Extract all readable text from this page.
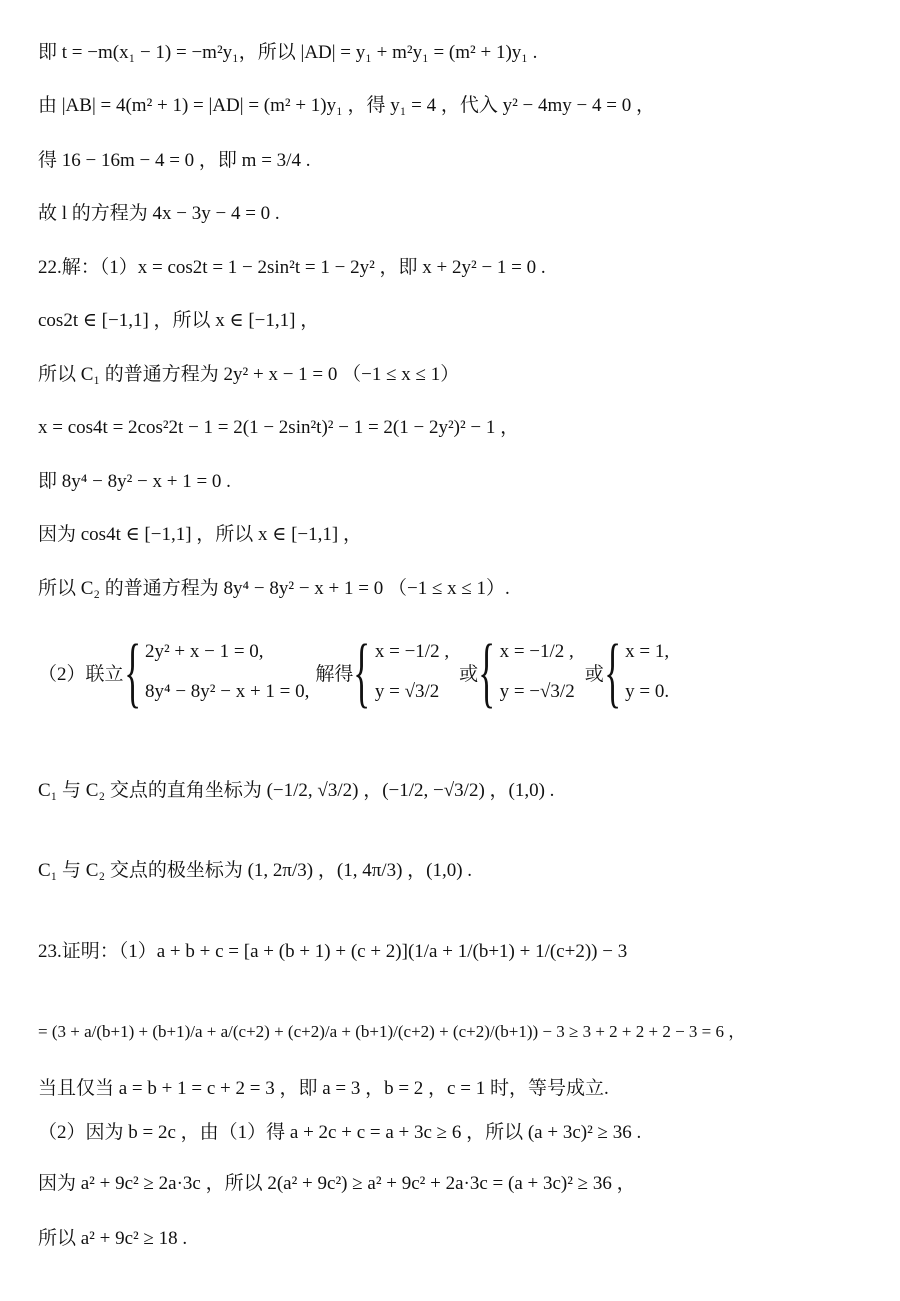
即 t = −m(x₁ − 1) = −m²y₁，所以 |AD| = y₁ + m²y₁ = (m² + 1)y₁ .
由 |AB| = 4(m² + 1) = |AD| = (m² + 1)y₁ ，得 y₁ = 4 ，代入 y² − 4my − 4 = 0 ，
得 16 − 16m − 4 = 0 ，即 m = 3/4 .
故 l 的方程为 4x − 3y − 4 = 0 .
22.解：（1）x = cos2t = 1 − 2sin²t = 1 − 2y² ，即 x + 2y² − 1 = 0 .
cos2t ∈ [−1,1] ，所以 x ∈ [−1,1] ，
所以 C₁ 的普通方程为 2y² + x − 1 = 0 （−1 ≤ x ≤ 1）
x = cos4t = 2cos²2t − 1 = 2(1 − 2sin²t)² − 1 = 2(1 − 2y²)² − 1 ，
即 8y⁴ − 8y² − x + 1 = 0 .
因为 cos4t ∈ [−1,1] ，所以 x ∈ [−1,1] ，
所以 C₂ 的普通方程为 8y⁴ − 8y² − x + 1 = 0 （−1 ≤ x ≤ 1）.
（2）联立 { 2y² + x − 1 = 0,
8y⁴ − 8y² − x + 1 = 0,
解得 { x = −1/2 ,
y = √3/2
或 { x = −1/2 ,
y = −√3/2
或 { x = 1,
y = 0.
C₁ 与 C₂ 交点的直角坐标为 (−1/2, √3/2) ，(−1/2, −√3/2) ，(1,0) .
C₁ 与 C₂ 交点的极坐标为 (1, 2π/3) ，(1, 4π/3) ，(1,0) .
23.证明：（1）a + b + c = [a + (b + 1) + (c + 2)](1/a + 1/(b+1) + 1/(c+2)) − 3
= (3 + a/(b+1) + (b+1)/a + a/(c+2) + (c+2)/a + (b+1)/(c+2) + (c+2)/(b+1)) − 3 ≥ 3 + 2 + 2 + 2 − 3 = 6 ，
当且仅当 a = b + 1 = c + 2 = 3 ，即 a = 3 ，b = 2 ，c = 1 时，等号成立.
（2）因为 b = 2c ，由（1）得 a + 2c + c = a + 3c ≥ 6 ，所以 (a + 3c)² ≥ 36 .
因为 a² + 9c² ≥ 2a·3c ，所以 2(a² + 9c²) ≥ a² + 9c² + 2a·3c = (a + 3c)² ≥ 36 ，
所以 a² + 9c² ≥ 18 .
